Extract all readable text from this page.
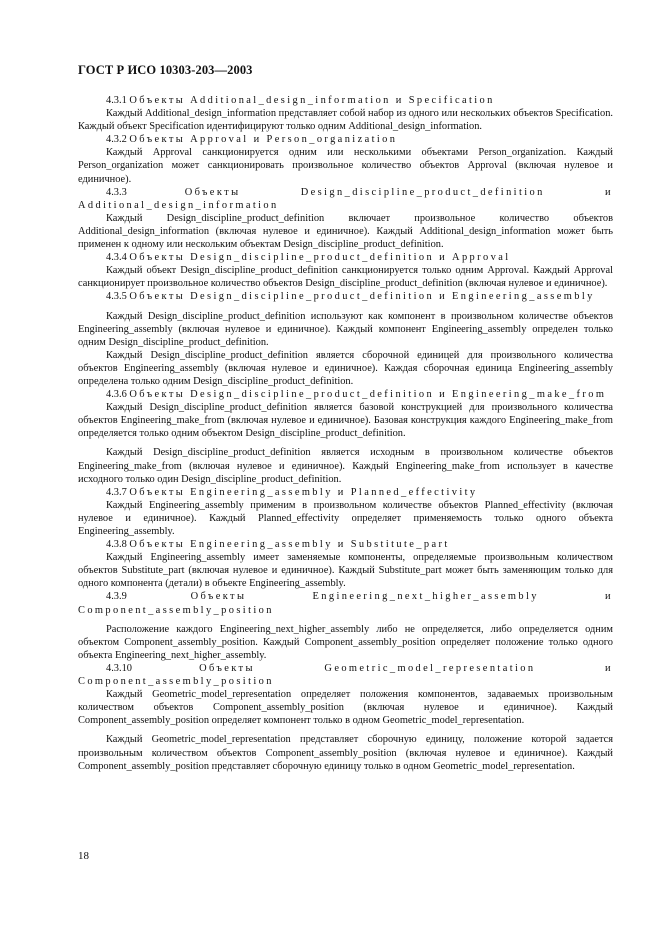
ГОСТ Р ИСО 10303-203—2003

4.3.1 Объекты Additional_design_information и Specification

Каждый Additional_design_information представляет собой набор из одного или нескольких объектов Specification. Каждый объект Specification идентифицируют только одним Additional_design_information.

4.3.2 Объекты Approval и Person_organization

Каждый Approval санкционируется одним или несколькими объектами Person_organization. Каждый Person_organization может санкционировать произвольное количество объектов Approval (включая нулевое и единичное).

4.3.3	Объекты Design_discipline_product_definition и Additional_design_information

Каждый Design_discipline_product_definition включает произвольное количество объектов Additional_design_information (включая нулевое и единичное). Каждый Additional_design_information может быть применен к одному или нескольким объектам Design_discipline_product_definition.

4.3.4 Объекты Design_discipline_product_definition и Approval

Каждый объект Design_discipline_product_definition санкционируется только одним Approval. Каждый Approval санкционирует произвольное количество объектов Design_discipline_product_definition (включая нулевое и единичное).

4.3.5 Объекты Design_discipline_product_definition и Engineering_assembly

Каждый Design_discipline_product_definition используют как компонент в произвольном количестве объектов Engineering_assembly (включая нулевое и единичное). Каждый компонент Engineering_assembly определен только одним Design_discipline_product_definition.

Каждый Design_discipline_product_definition является сборочной единицей для произвольного количества объектов Engineering_assembly (включая нулевое и единичное). Каждая сборочная единица Engineering_assembly определена только одним Design_discipline_product_definition.

4.3.6 Объекты Design_discipline_product_definition и Engineering_make_from

Каждый Design_discipline_product_definition является базовой конструкцией для произвольного количества объектов Engineering_make_from (включая нулевое и единичное). Базовая конструкция каждого Engineering_make_from определяется только одним объектом Design_discipline_product_definition.

Каждый Design_discipline_product_definition является исходным в произвольном количестве объектов Engineering_make_from (включая нулевое и единичное). Каждый Engineering_make_from использует в качестве исходного только один Design_discipline_product_definition.

4.3.7 Объекты Engineering_assembly и Planned_effectivity

Каждый Engineering_assembly применим в произвольном количестве объектов Planned_effectivity (включая нулевое и единичное). Каждый Planned_effectivity определяет применяемость только одного объекта Engineering_assembly.

4.3.8 Объекты Engineering_assembly и Substitute_part

Каждый Engineering_assembly имеет заменяемые компоненты, определяемые произвольным количеством объектов Substitute_part (включая нулевое и единичное). Каждый Substitute_part может быть заменяющим только для одного компонента (детали) в объекте Engineering_assembly.

4.3.9	Объекты Engineering_next_higher_assembly и Component_assembly_position

Расположение каждого Engineering_next_higher_assembly либо не определяется, либо определяется одним объектом Component_assembly_position. Каждый Component_assembly_position определяет положение только одного объекта Engineering_next_higher_assembly.

4.3.10	Объекты Geometric_model_representation и Component_assembly_position

Каждый Geometric_model_representation определяет положения компонентов, задаваемых произвольным количеством объектов Component_assembly_position (включая нулевое и единичное). Каждый Component_assembly_position определяет компонент только в одном Geometric_model_representation.

Каждый Geometric_model_representation представляет сборочную единицу, положение которой задается произвольным количеством объектов Component_assembly_position (включая нулевое и единичное). Каждый Component_assembly_position представляет сборочную единицу только в одном Geometric_model_representation.

18
